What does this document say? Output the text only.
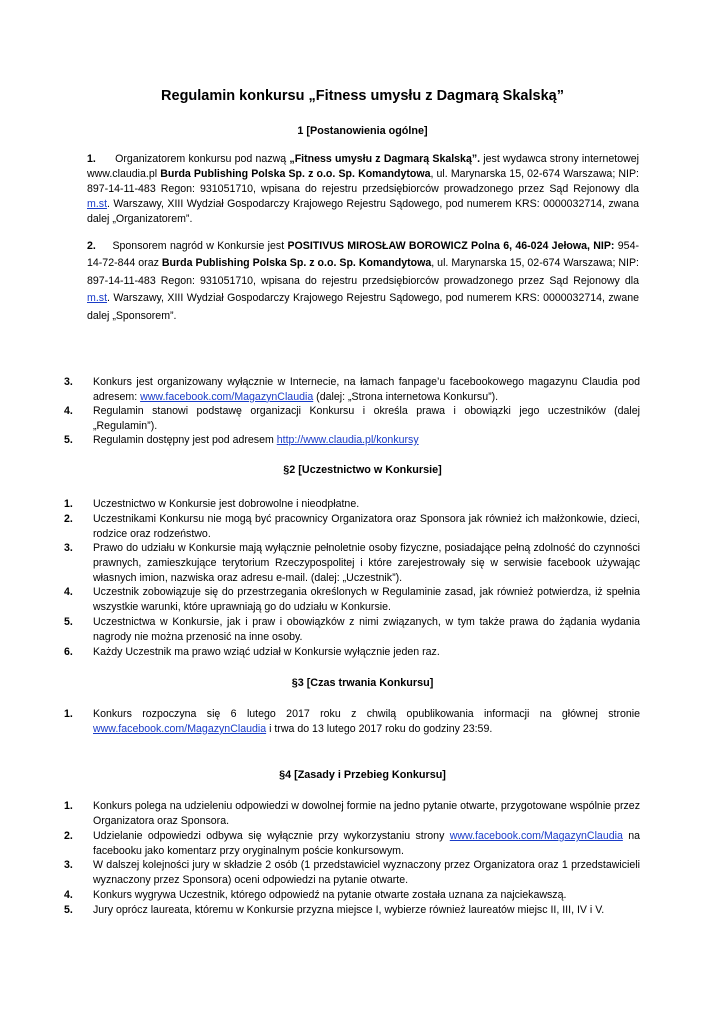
Regulamin konkursu „Fitness umysłu z Dagmarą Skalską”
1 [Postanowienia ogólne]
1. Organizatorem konkursu pod nazwą „Fitness umysłu z Dagmarą Skalską”. jest wydawca strony internetowej www.claudia.pl Burda Publishing Polska Sp. z o.o. Sp. Komandytowa, ul. Marynarska 15, 02-674 Warszawa; NIP: 897-14-11-483 Regon: 931051710, wpisana do rejestru przedsiębiorców prowadzonego przez Sąd Rejonowy dla m.st. Warszawy, XIII Wydział Gospodarczy Krajowego Rejestru Sądowego, pod numerem KRS: 0000032714, zwana dalej „Organizatorem”.
2. Sponsorem nagród w Konkursie jest POSITIVUS MIROSŁAW BOROWICZ Polna 6, 46-024 Jełowa, NIP: 954-14-72-844 oraz Burda Publishing Polska Sp. z o.o. Sp. Komandytowa, ul. Marynarska 15, 02-674 Warszawa; NIP: 897-14-11-483 Regon: 931051710, wpisana do rejestru przedsiębiorców prowadzonego przez Sąd Rejonowy dla m.st. Warszawy, XIII Wydział Gospodarczy Krajowego Rejestru Sądowego, pod numerem KRS: 0000032714, zwane dalej „Sponsorem”.
3.	Konkurs jest organizowany wyłącznie w Internecie, na łamach fanpage’u facebookowego magazynu Claudia pod adresem: www.facebook.com/MagazynClaudia (dalej: „Strona internetowa Konkursu”).
4.	Regulamin stanowi podstawę organizacji Konkursu i określa prawa i obowiązki jego uczestników (dalej „Regulamin”).
5.	Regulamin dostępny jest pod adresem http://www.claudia.pl/konkursy
§2 [Uczestnictwo w Konkursie]
1.	Uczestnictwo w Konkursie jest dobrowolne i nieodpłatne.
2.	Uczestnikami Konkursu nie mogą być pracownicy Organizatora oraz Sponsora jak również ich małżonkowie, dzieci, rodzice oraz rodzeństwo.
3.	Prawo do udziału w Konkursie mają wyłącznie pełnoletnie osoby fizyczne, posiadające pełną zdolność do czynności prawnych, zamieszkujące terytorium Rzeczypospolitej i które zarejestrowały się w serwisie facebook używając własnych imion, nazwiska oraz adresu e-mail. (dalej: „Uczestnik”).
4.	Uczestnik zobowiązuje się do przestrzegania określonych w Regulaminie zasad, jak również potwierdza, iż spełnia wszystkie warunki, które uprawniają go do udziału w Konkursie.
5.	Uczestnictwa w Konkursie, jak i praw i obowiązków z nimi związanych, w tym także prawa do żądania wydania nagrody nie można przenosić na inne osoby.
6.	Każdy Uczestnik ma prawo wziąć udział w Konkursie wyłącznie jeden raz.
§3 [Czas trwania Konkursu]
1.	Konkurs rozpoczyna się 6 lutego 2017 roku z chwilą opublikowania informacji na głównej stronie www.facebook.com/MagazynClaudia i trwa do 13 lutego 2017 roku do godziny 23:59.
§4 [Zasady i Przebieg Konkursu]
1.	Konkurs polega na udzieleniu odpowiedzi w dowolnej formie na jedno pytanie otwarte, przygotowane wspólnie przez Organizatora oraz Sponsora.
2.	Udzielanie odpowiedzi odbywa się wyłącznie przy wykorzystaniu strony www.facebook.com/MagazynClaudia na facebooku jako komentarz przy oryginalnym poście konkursowym.
3.	W dalszej kolejności jury w składzie 2 osób (1 przedstawiciel wyznaczony przez Organizatora oraz 1 przedstawicieli wyznaczony przez Sponsora) oceni odpowiedzi na pytanie otwarte.
4.	Konkurs wygrywa Uczestnik, którego odpowiedź na pytanie otwarte została uznana za najciekawszą.
5.	Jury oprócz laureata, któremu w Konkursie przyzna miejsce I, wybierze również laureatów miejsc II, III, IV i V.
